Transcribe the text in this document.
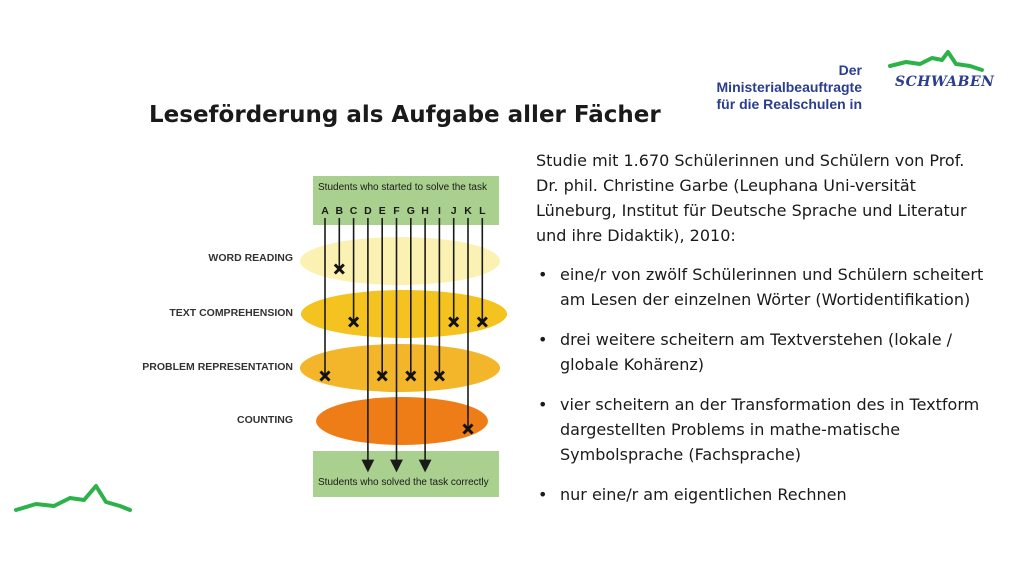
Der Ministerialbeauftragte
für die Realschulen in
SCHWABEN
Leseförderung als Aufgabe aller Fächer
Students who started to solve the task
Students who solved the task correctly
A B C D E F G H I J K L
WORD READING
TEXT COMPREHENSION
PROBLEM REPRESENTATION
COUNTING

Studie mit 1.670 Schülerinnen und Schülern von Prof. Dr. phil. Christine Garbe (Leuphana Uni-versität Lüneburg, Institut für Deutsche Sprache und Literatur und ihre Didaktik), 2010:

• eine/r von zwölf Schülerinnen und Schülern scheitert am Lesen der einzelnen Wörter (Wortidentifikation)
• drei weitere scheitern am Textverstehen (lokale / globale Kohärenz)
• vier scheitern an der Transformation des in Textform dargestellten Problems in mathe-matische Symbolsprache (Fachsprache)
• nur eine/r am eigentlichen Rechnen
